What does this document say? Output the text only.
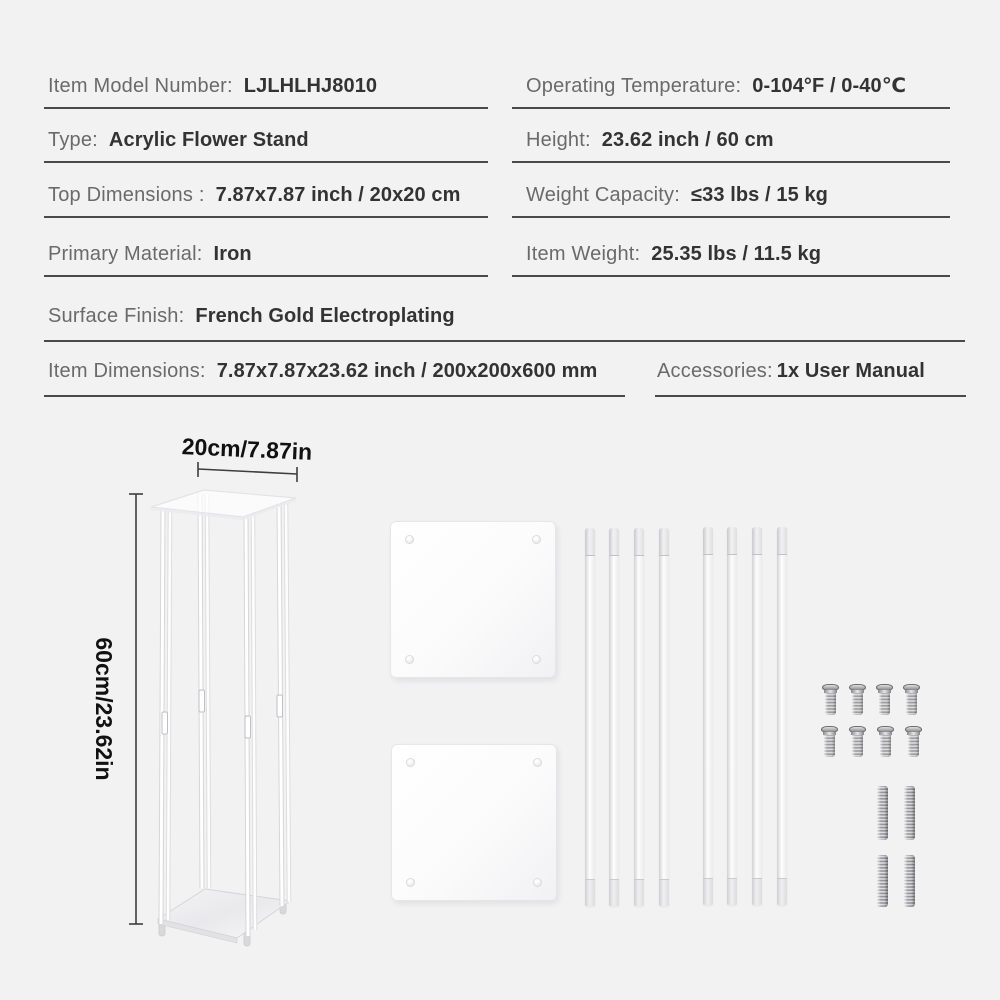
Item Model Number: LJLHLHJ8010	Operating Temperature: 0-104°F / 0-40℃
Type: Acrylic Flower Stand	Height: 23.62 inch / 60 cm
Top Dimensions : 7.87x7.87 inch / 20x20 cm	Weight Capacity: ≤33 lbs / 15 kg
Primary Material: Iron	Item Weight: 25.35 lbs / 11.5 kg
Surface Finish: French Gold Electroplating
Item Dimensions: 7.87x7.87x23.62 inch / 200x200x600 mm	Accessories: 1x User Manual
20cm/7.87in
60cm/23.62in
